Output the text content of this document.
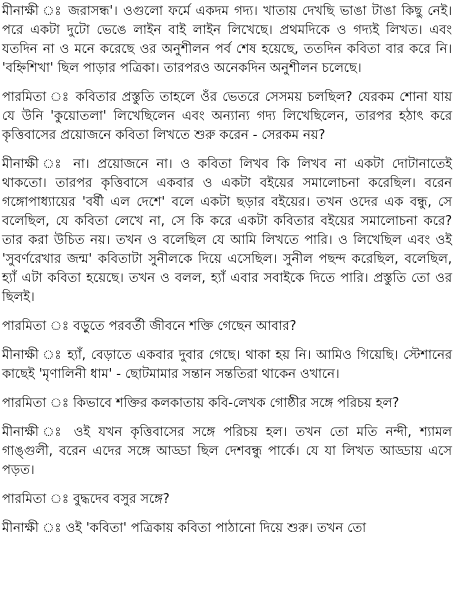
মীনাক্ষী ঃ জরাসন্ধ'। ওগুলো ফর্মে একদম গদ্য। খাতায় দেখছি ভাঙা টাঙা কিছু নেই। পরে একটা দুটো ভেঙে লাইন বাই লাইন লিখেছে। প্রথমদিকে ও গদ্যই লিখত। এবং যতদিন না ও মনে করেছে ওর অনুশীলন পর্ব শেষ হয়েছে, ততদিন কবিতা বার করে নি। 'বহ্নিশিখা' ছিল পাড়ার পত্রিকা। তারপরও অনেকদিন অনুশীলন চলেছে।

পারমিতা ঃ কবিতার প্রস্তুতি তাহলে ওঁর ভেতরে সেসময় চলছিল? যেরকম শোনা যায় যে উনি 'কুয়োতলা' লিখেছিলেন এবং অন্যান্য গদ্য লিখেছিলেন, তারপর হঠাৎ করে কৃত্তিবাসের প্রয়োজনে কবিতা লিখতে শুরু করেন - সেরকম নয়?

মীনাক্ষী ঃ না। প্রয়োজনে না। ও কবিতা লিখব কি লিখব না একটা দোটানাতেই থাকতো। তারপর কৃত্তিবাসে একবার ও একটা বইয়ের সমালোচনা করেছিল। বরেন গঙ্গোপাধ্যায়ের 'বর্ষী এল দেশে' বলে একটা ছড়ার বইয়ের। তখন ওদের এক বন্ধু, সে বলেছিল, যে কবিতা লেখে না, সে কি করে একটা কবিতার বইয়ের সমালোচনা করে? তার করা উচিত নয়। তখন ও বলেছিল যে আমি লিখতে পারি। ও লিখেছিল এবং ওই 'সুবর্ণরেখার জন্ম' কবিতাটা সুনীলকে দিয়ে এসেছিল। সুনীল পছন্দ করেছিল, বলেছিল, হ্যাঁ এটা কবিতা হয়েছে। তখন ও বলল, হ্যাঁ এবার সবাইকে দিতে পারি। প্রস্তুতি তো ওর ছিলই।

পারমিতা ঃ বড়ুতে পরবর্তী জীবনে শক্তি গেছেন আবার?

মীনাক্ষী ঃ হ্যাঁ, বেড়াতে একবার দুবার গেছে। থাকা হয় নি। আমিও গিয়েছি। স্টেশানের কাছেই 'মৃণালিনী ধাম' - ছোটমামার সন্তান সন্ততিরা থাকেন ওখানে।

পারমিতা ঃ কিভাবে শক্তির কলকাতায় কবি-লেখক গোষ্ঠীর সঙ্গে পরিচয় হল?

মীনাক্ষী ঃ ওই যখন কৃত্তিবাসের সঙ্গে পরিচয় হল। তখন তো মতি নন্দী, শ্যামল গাঙ্গুলী, বরেন এদের সঙ্গে আড্ডা ছিল দেশবন্ধু পার্কে। যে যা লিখত আড্ডায় এসে পড়ত।

পারমিতা ঃ বুদ্ধদেব বসুর সঙ্গে?

মীনাক্ষী ঃ ওই 'কবিতা' পত্রিকায় কবিতা পাঠানো দিয়ে শুরু। তখন তো
